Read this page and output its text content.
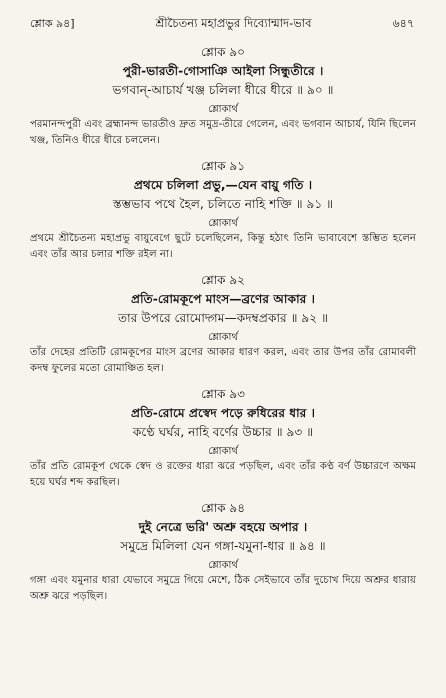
শ্লোক ৯৪]	শ্রীচৈতন্য মহাপ্রভুর দিব্যোন্মাদ-ভাব	৬৪৭
শ্লোক ৯০
পুরী-ভারতী-গোসাঞি আইলা সিন্ধুতীরে ।
ভগবান্‌-আচার্য খঞ্জ চলিলা ধীরে ধীরে ॥ ৯০ ॥
শ্লোকার্থ
পরমানন্দপুরী এবং ব্রহ্মানন্দ ভারতীও দ্রুত সমুদ্র-তীরে গেলেন, এবং ভগবান আচার্য, যিনি ছিলেন খঞ্জ, তিনিও ধীরে ধীরে চললেন।
শ্লোক ৯১
প্রথমে চলিলা প্রভু,—যেন বায়ু গতি ।
স্তম্ভভাব পথে হৈল, চলিতে নাহি শক্তি ॥ ৯১ ॥
শ্লোকার্থ
প্রথমে শ্রীচৈতন্য মহাপ্রভু বায়ুবেগে ছুটে চলেছিলেন, কিন্তু হঠাৎ তিনি ভাবাবেশে স্তম্ভিত হলেন এবং তাঁর আর চলার শক্তি রইল না।
শ্লোক ৯২
প্রতি-রোমকূপে মাংস—ব্রণের আকার ।
তার উপরে রোমোদ্গম—কদম্বপ্রকার ॥ ৯২ ॥
শ্লোকার্থ
তাঁর দেহের প্রতিটি রোমকূপের মাংস ব্রণের আকার ধারণ করল, এবং তার উপর তাঁর রোমাবলী কদম্ব ফুলের মতো রোমাঞ্চিত হল।
শ্লোক ৯৩
প্রতি-রোমে প্রস্বেদ পড়ে রুধিরের ধার ।
কণ্ঠে ঘর্ঘর, নাহি বর্ণের উচ্চার ॥ ৯৩ ॥
শ্লোকার্থ
তাঁর প্রতি রোমকূপ থেকে স্বেদ ও রক্তের ধারা ঝরে পড়ছিল, এবং তাঁর কণ্ঠ বর্ণ উচ্চারণে অক্ষম হয়ে ঘর্ঘর শব্দ করছিল।
শ্লোক ৯৪
দুই নেত্রে ভরি' অশ্রু বহয়ে অপার ।
সমুদ্রে মিলিলা যেন গঙ্গা-যমুনা-ধার ॥ ৯৪ ॥
শ্লোকার্থ
গঙ্গা এবং যমুনার ধারা যেভাবে সমুদ্রে গিয়ে মেশে, ঠিক সেইভাবে তাঁর দুচোখ দিয়ে অশ্রুর ধারায় অশ্রু ঝরে পড়ছিল।
